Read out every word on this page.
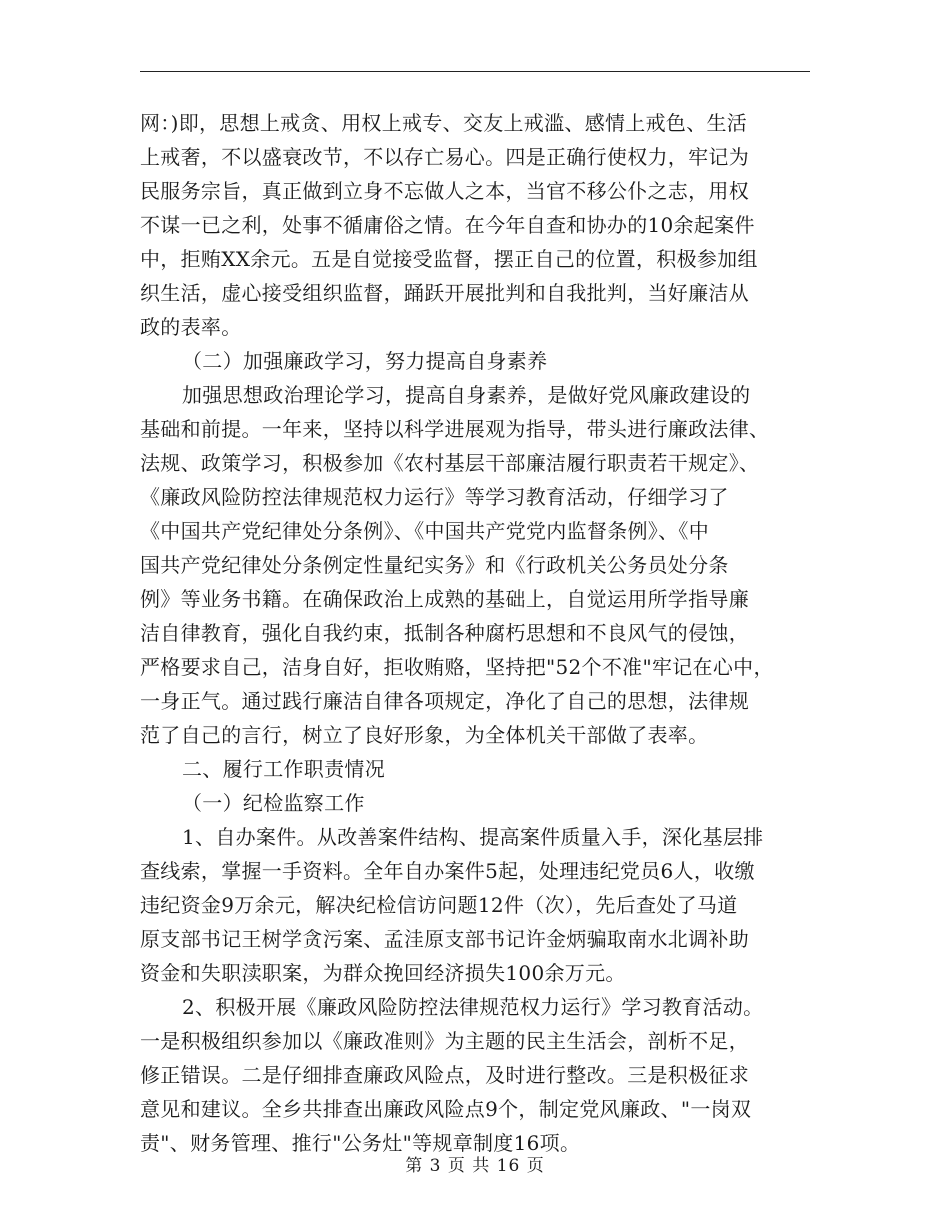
网：)即，思想上戒贪、用权上戒专、交友上戒滥、感情上戒色、生活
上戒奢，不以盛衰改节，不以存亡易心。四是正确行使权力，牢记为
民服务宗旨，真正做到立身不忘做人之本，当官不移公仆之志，用权
不谋一已之利，处事不循庸俗之情。在今年自查和协办的10余起案件
中，拒贿XX余元。五是自觉接受监督，摆正自己的位置，积极参加组
织生活，虚心接受组织监督，踊跃开展批判和自我批判，当好廉洁从
政的表率。
（二）加强廉政学习，努力提高自身素养
加强思想政治理论学习，提高自身素养，是做好党风廉政建设的
基础和前提。一年来，坚持以科学进展观为指导，带头进行廉政法律、
法规、政策学习，积极参加《农村基层干部廉洁履行职责若干规定》、
《廉政风险防控法律规范权力运行》等学习教育活动，仔细学习了
《中国共产党纪律处分条例》、《中国共产党党内监督条例》、《中
国共产党纪律处分条例定性量纪实务》和《行政机关公务员处分条
例》等业务书籍。在确保政治上成熟的基础上，自觉运用所学指导廉
洁自律教育，强化自我约束，抵制各种腐朽思想和不良风气的侵蚀，
严格要求自己，洁身自好，拒收贿赂，坚持把"52个不准"牢记在心中，
一身正气。通过践行廉洁自律各项规定，净化了自己的思想，法律规
范了自己的言行，树立了良好形象，为全体机关干部做了表率。
二、履行工作职责情况
（一）纪检监察工作
1、自办案件。从改善案件结构、提高案件质量入手，深化基层排
查线索，掌握一手资料。全年自办案件5起，处理违纪党员6人，收缴
违纪资金9万余元，解决纪检信访问题12件（次），先后查处了马道
原支部书记王树学贪污案、孟洼原支部书记许金炳骗取南水北调补助
资金和失职渎职案，为群众挽回经济损失100余万元。
2、积极开展《廉政风险防控法律规范权力运行》学习教育活动。
一是积极组织参加以《廉政准则》为主题的民主生活会，剖析不足，
修正错误。二是仔细排查廉政风险点，及时进行整改。三是积极征求
意见和建议。全乡共排查出廉政风险点9个，制定党风廉政、"一岗双
责"、财务管理、推行"公务灶"等规章制度16项。
第 3 页 共 16 页
